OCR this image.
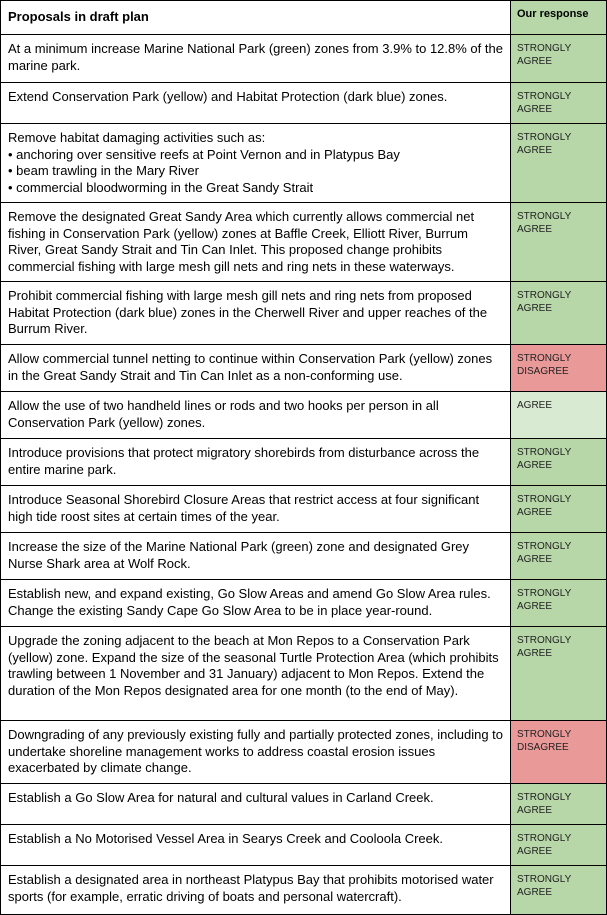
Proposals in draft plan	Our response

At a minimum increase Marine National Park (green) zones from 3.9% to 12.8% of the marine park.	STRONGLY
AGREE

Extend Conservation Park (yellow) and Habitat Protection (dark blue) zones.	STRONGLY
AGREE

Remove habitat damaging activities such as:
• anchoring over sensitive reefs at Point Vernon and in Platypus Bay
• beam trawling in the Mary River
• commercial bloodworming in the Great Sandy Strait	STRONGLY
AGREE

Remove the designated Great Sandy Area which currently allows commercial net fishing in Conservation Park (yellow) zones at Baffle Creek, Elliott River, Burrum River, Great Sandy Strait and Tin Can Inlet. This proposed change prohibits commercial fishing with large mesh gill nets and ring nets in these waterways.	STRONGLY
AGREE

Prohibit commercial fishing with large mesh gill nets and ring nets from proposed Habitat Protection (dark blue) zones in the Cherwell River and upper reaches of the Burrum River.	STRONGLY
AGREE

Allow commercial tunnel netting to continue within Conservation Park (yellow) zones in the Great Sandy Strait and Tin Can Inlet as a non-conforming use.	STRONGLY
DISAGREE

Allow the use of two handheld lines or rods and two hooks per person in all Conservation Park (yellow) zones.	AGREE

Introduce provisions that protect migratory shorebirds from disturbance across the entire marine park.	STRONGLY
AGREE

Introduce Seasonal Shorebird Closure Areas that restrict access at four significant high tide roost sites at certain times of the year.	STRONGLY
AGREE

Increase the size of the Marine National Park (green) zone and designated Grey Nurse Shark area at Wolf Rock.	STRONGLY
AGREE

Establish new, and expand existing, Go Slow Areas and amend Go Slow Area rules. Change the existing Sandy Cape Go Slow Area to be in place year-round.	STRONGLY
AGREE

Upgrade the zoning adjacent to the beach at Mon Repos to a Conservation Park (yellow) zone. Expand the size of the seasonal Turtle Protection Area (which prohibits trawling between 1 November and 31 January) adjacent to Mon Repos. Extend the duration of the Mon Repos designated area for one month (to the end of May).	STRONGLY
AGREE

Downgrading of any previously existing fully and partially protected zones, including to undertake shoreline management works to address coastal erosion issues exacerbated by climate change.	STRONGLY
DISAGREE

Establish a Go Slow Area for natural and cultural values in Carland Creek.	STRONGLY
AGREE

Establish a No Motorised Vessel Area in Searys Creek and Cooloola Creek.	STRONGLY
AGREE

Establish a designated area in northeast Platypus Bay that prohibits motorised water sports (for example, erratic driving of boats and personal watercraft).	STRONGLY
AGREE
